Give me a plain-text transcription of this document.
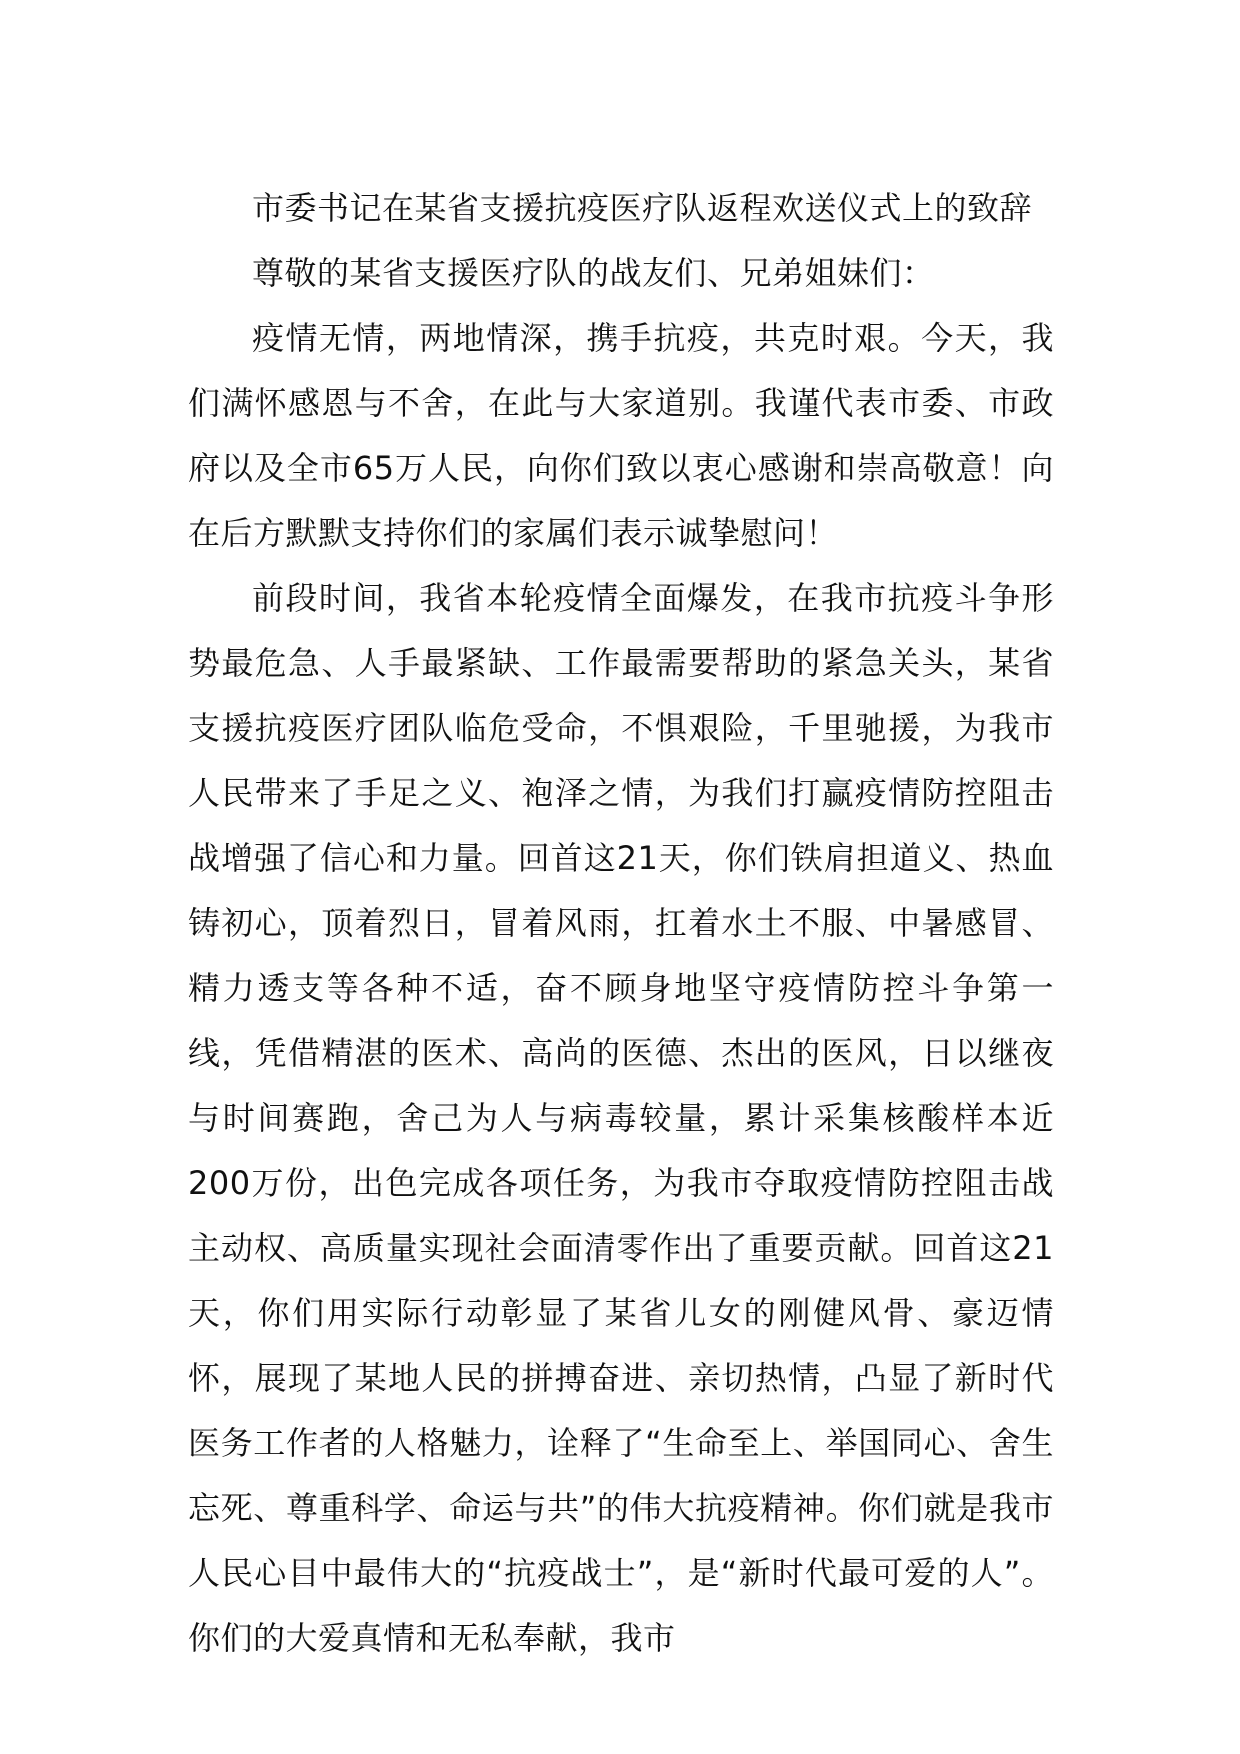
市委书记在某省支援抗疫医疗队返程欢送仪式上的致辞

尊敬的某省支援医疗队的战友们、兄弟姐妹们：

疫情无情，两地情深，携手抗疫，共克时艰。今天，我们满怀感恩与不舍，在此与大家道别。我谨代表市委、市政府以及全市65万人民，向你们致以衷心感谢和崇高敬意！向在后方默默支持你们的家属们表示诚挚慰问！

前段时间，我省本轮疫情全面爆发，在我市抗疫斗争形势最危急、人手最紧缺、工作最需要帮助的紧急关头，某省支援抗疫医疗团队临危受命，不惧艰险，千里驰援，为我市人民带来了手足之义、袍泽之情，为我们打赢疫情防控阻击战增强了信心和力量。回首这21天，你们铁肩担道义、热血铸初心，顶着烈日，冒着风雨，扛着水土不服、中暑感冒、精力透支等各种不适，奋不顾身地坚守疫情防控斗争第一线，凭借精湛的医术、高尚的医德、杰出的医风，日以继夜与时间赛跑，舍己为人与病毒较量，累计采集核酸样本近200万份，出色完成各项任务，为我市夺取疫情防控阻击战主动权、高质量实现社会面清零作出了重要贡献。回首这21天，你们用实际行动彰显了某省儿女的刚健风骨、豪迈情怀，展现了某地人民的拼搏奋进、亲切热情，凸显了新时代医务工作者的人格魅力，诠释了“生命至上、举国同心、舍生忘死、尊重科学、命运与共”的伟大抗疫精神。你们就是我市人民心目中最伟大的“抗疫战士”，是“新时代最可爱的人”。你们的大爱真情和无私奉献，我市
